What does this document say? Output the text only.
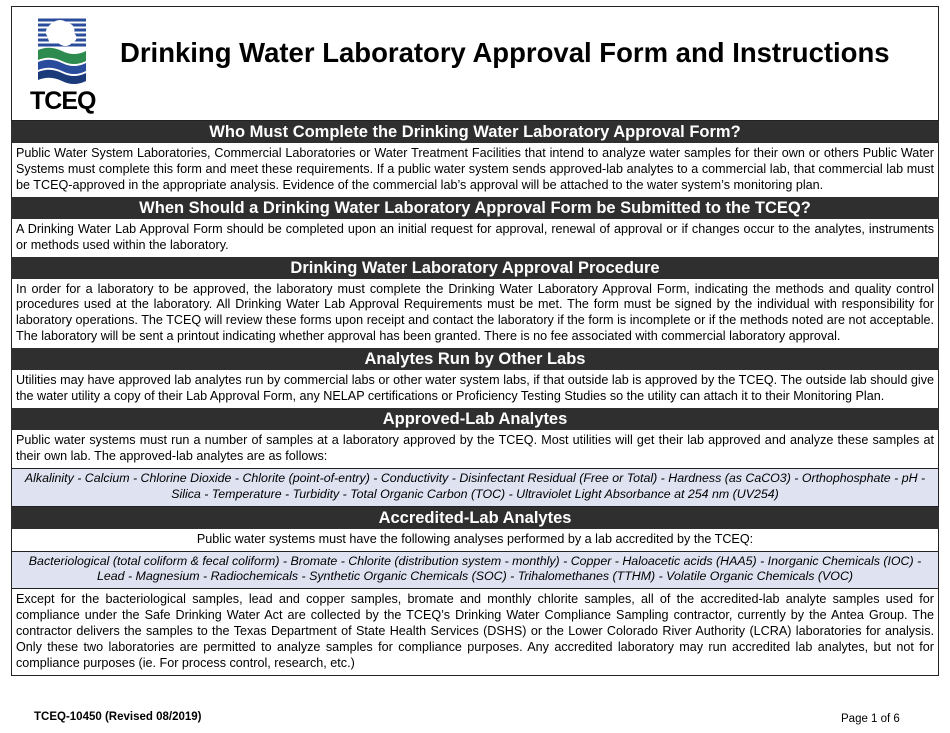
TCEQ
Drinking Water Laboratory Approval Form and Instructions
Who Must Complete the Drinking Water Laboratory Approval Form?
Public Water System Laboratories, Commercial Laboratories or Water Treatment Facilities that intend to analyze water samples for their own or others Public Water Systems must complete this form and meet these requirements. If a public water system sends approved-lab analytes to a commercial lab, that commercial lab must be TCEQ-approved in the appropriate analysis. Evidence of the commercial lab’s approval will be attached to the water system’s monitoring plan.
When Should a Drinking Water Laboratory Approval Form be Submitted to the TCEQ?
A Drinking Water Lab Approval Form should be completed upon an initial request for approval, renewal of approval or if changes occur to the analytes, instruments or methods used within the laboratory.
Drinking Water Laboratory Approval Procedure
In order for a laboratory to be approved, the laboratory must complete the Drinking Water Laboratory Approval Form, indicating the methods and quality control procedures used at the laboratory. All Drinking Water Lab Approval Requirements must be met. The form must be signed by the individual with responsibility for laboratory operations. The TCEQ will review these forms upon receipt and contact the laboratory if the form is incomplete or if the methods noted are not acceptable. The laboratory will be sent a printout indicating whether approval has been granted. There is no fee associated with commercial laboratory approval.
Analytes Run by Other Labs
Utilities may have approved lab analytes run by commercial labs or other water system labs, if that outside lab is approved by the TCEQ. The outside lab should give the water utility a copy of their Lab Approval Form, any NELAP certifications or Proficiency Testing Studies so the utility can attach it to their Monitoring Plan.
Approved-Lab Analytes
Public water systems must run a number of samples at a laboratory approved by the TCEQ. Most utilities will get their lab approved and analyze these samples at their own lab. The approved-lab analytes are as follows:
Alkalinity - Calcium - Chlorine Dioxide - Chlorite (point-of-entry) - Conductivity - Disinfectant Residual (Free or Total) - Hardness (as CaCO3) - Orthophosphate - pH - Silica - Temperature - Turbidity - Total Organic Carbon (TOC) - Ultraviolet Light Absorbance at 254 nm (UV254)
Accredited-Lab Analytes
Public water systems must have the following analyses performed by a lab accredited by the TCEQ:
Bacteriological (total coliform & fecal coliform) - Bromate - Chlorite (distribution system - monthly) - Copper - Haloacetic acids (HAA5) - Inorganic Chemicals (IOC) - Lead - Magnesium - Radiochemicals - Synthetic Organic Chemicals (SOC) - Trihalomethanes (TTHM) - Volatile Organic Chemicals (VOC)
Except for the bacteriological samples, lead and copper samples, bromate and monthly chlorite samples, all of the accredited-lab analyte samples used for compliance under the Safe Drinking Water Act are collected by the TCEQ’s Drinking Water Compliance Sampling contractor, currently by the Antea Group. The contractor delivers the samples to the Texas Department of State Health Services (DSHS) or the Lower Colorado River Authority (LCRA) laboratories for analysis. Only these two laboratories are permitted to analyze samples for compliance purposes. Any accredited laboratory may run accredited lab analytes, but not for compliance purposes (ie. For process control, research, etc.)
TCEQ-10450 (Revised 08/2019)	Page 1 of 6
